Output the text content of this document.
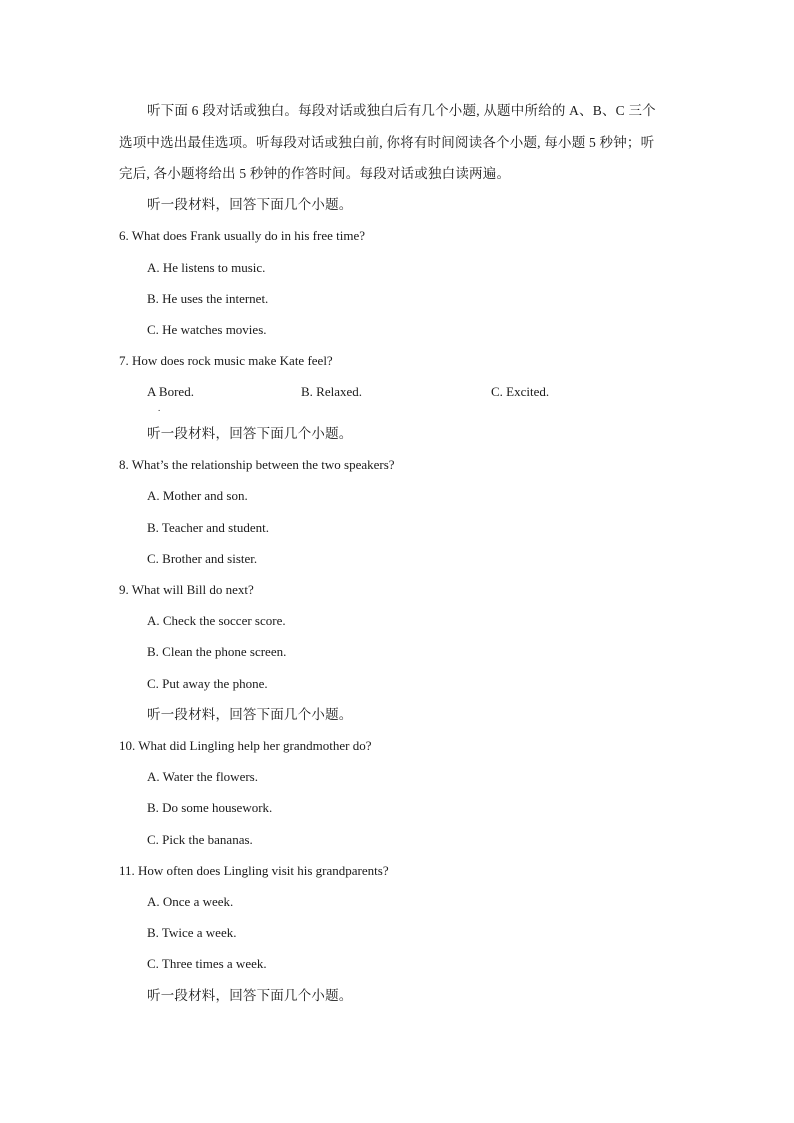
听下面 6 段对话或独白。每段对话或独白后有几个小题, 从题中所给的 A、B、C 三个
选项中选出最佳选项。听每段对话或独白前, 你将有时间阅读各个小题, 每小题 5 秒钟；听
完后, 各小题将给出 5 秒钟的作答时间。每段对话或独白读两遍。
听一段材料，回答下面几个小题。
6. What does Frank usually do in his free time?
A. He listens to music.
B. He uses the internet.
C. He watches movies.
7. How does rock music make Kate feel?
A Bored.
.
B. Relaxed.	C. Excited.
听一段材料，回答下面几个小题。
8. What’s the relationship between the two speakers?
A. Mother and son.
B. Teacher and student.
C. Brother and sister.
9. What will Bill do next?
A. Check the soccer score.
B. Clean the phone screen.
C. Put away the phone.
听一段材料，回答下面几个小题。
10. What did Lingling help her grandmother do?
A. Water the flowers.
B. Do some housework.
C. Pick the bananas.
11. How often does Lingling visit his grandparents?
A. Once a week.
B. Twice a week.
C. Three times a week.
听一段材料，回答下面几个小题。
